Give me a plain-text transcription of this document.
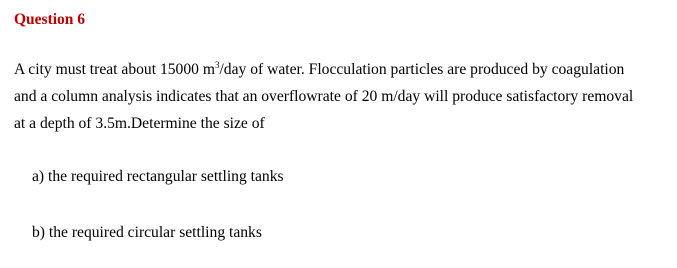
Question 6
A city must treat about 15000 $m^3$/day of water. Flocculation particles are produced by coagulation
and a column analysis indicates that an overflowrate of 20 m/day will produce satisfactory removal
at a depth of 3.5m.Determine the size of
a) the required rectangular settling tanks
b) the required circular settling tanks
